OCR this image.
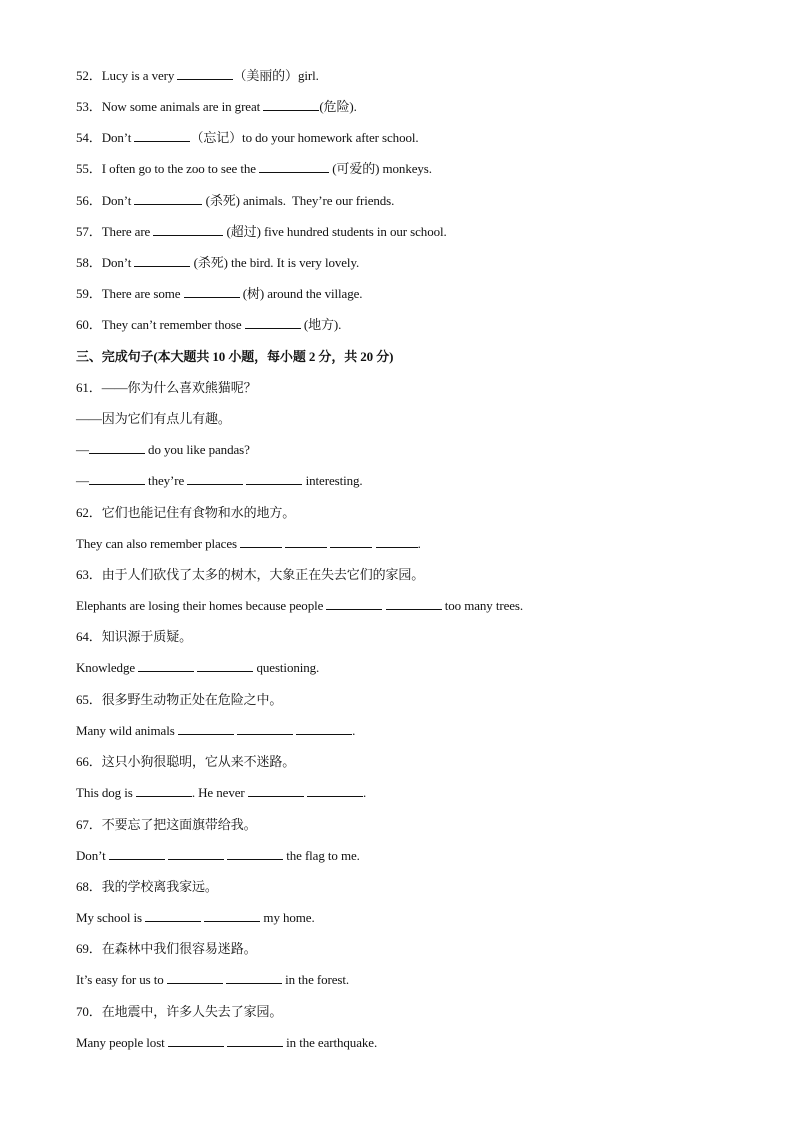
52．Lucy is a very	（美丽的）girl.
53．Now some animals are in great	(危险).
54．Don’t	（忘记）to do your homework after school.
55．I often go to the zoo to see the	(可爱的) monkeys.
56．Don’t	(杀死) animals.  They’re our friends.
57．There are	(超过) five hundred students in our school.
58．Don’t	(杀死) the bird. It is very lovely.
59．There are some	(树) around the village.
60．They can’t remember those	(地方).
三、完成句子(本大题共 10 小题，每小题 2 分，共 20 分)
61．——你为什么喜欢熊猫呢？
——因为它们有点儿有趣。
—	do you like pandas?
—	they’re	interesting.
62．它们也能记住有食物和水的地方。
They can also remember places	.
63．由于人们砍伐了太多的树木，大象正在失去它们的家园。
Elephants are losing their homes because people	too many trees.
64．知识源于质疑。
Knowledge	questioning.
65．很多野生动物正处在危险之中。
Many wild animals	.
66．这只小狗很聪明，它从来不迷路。
This dog is	. He never	.
67．不要忘了把这面旗带给我。
Don’t	the flag to me.
68．我的学校离我家远。
My school is	my home.
69．在森林中我们很容易迷路。
It’s easy for us to	in the forest.
70．在地震中，许多人失去了家园。
Many people lost	in the earthquake.
